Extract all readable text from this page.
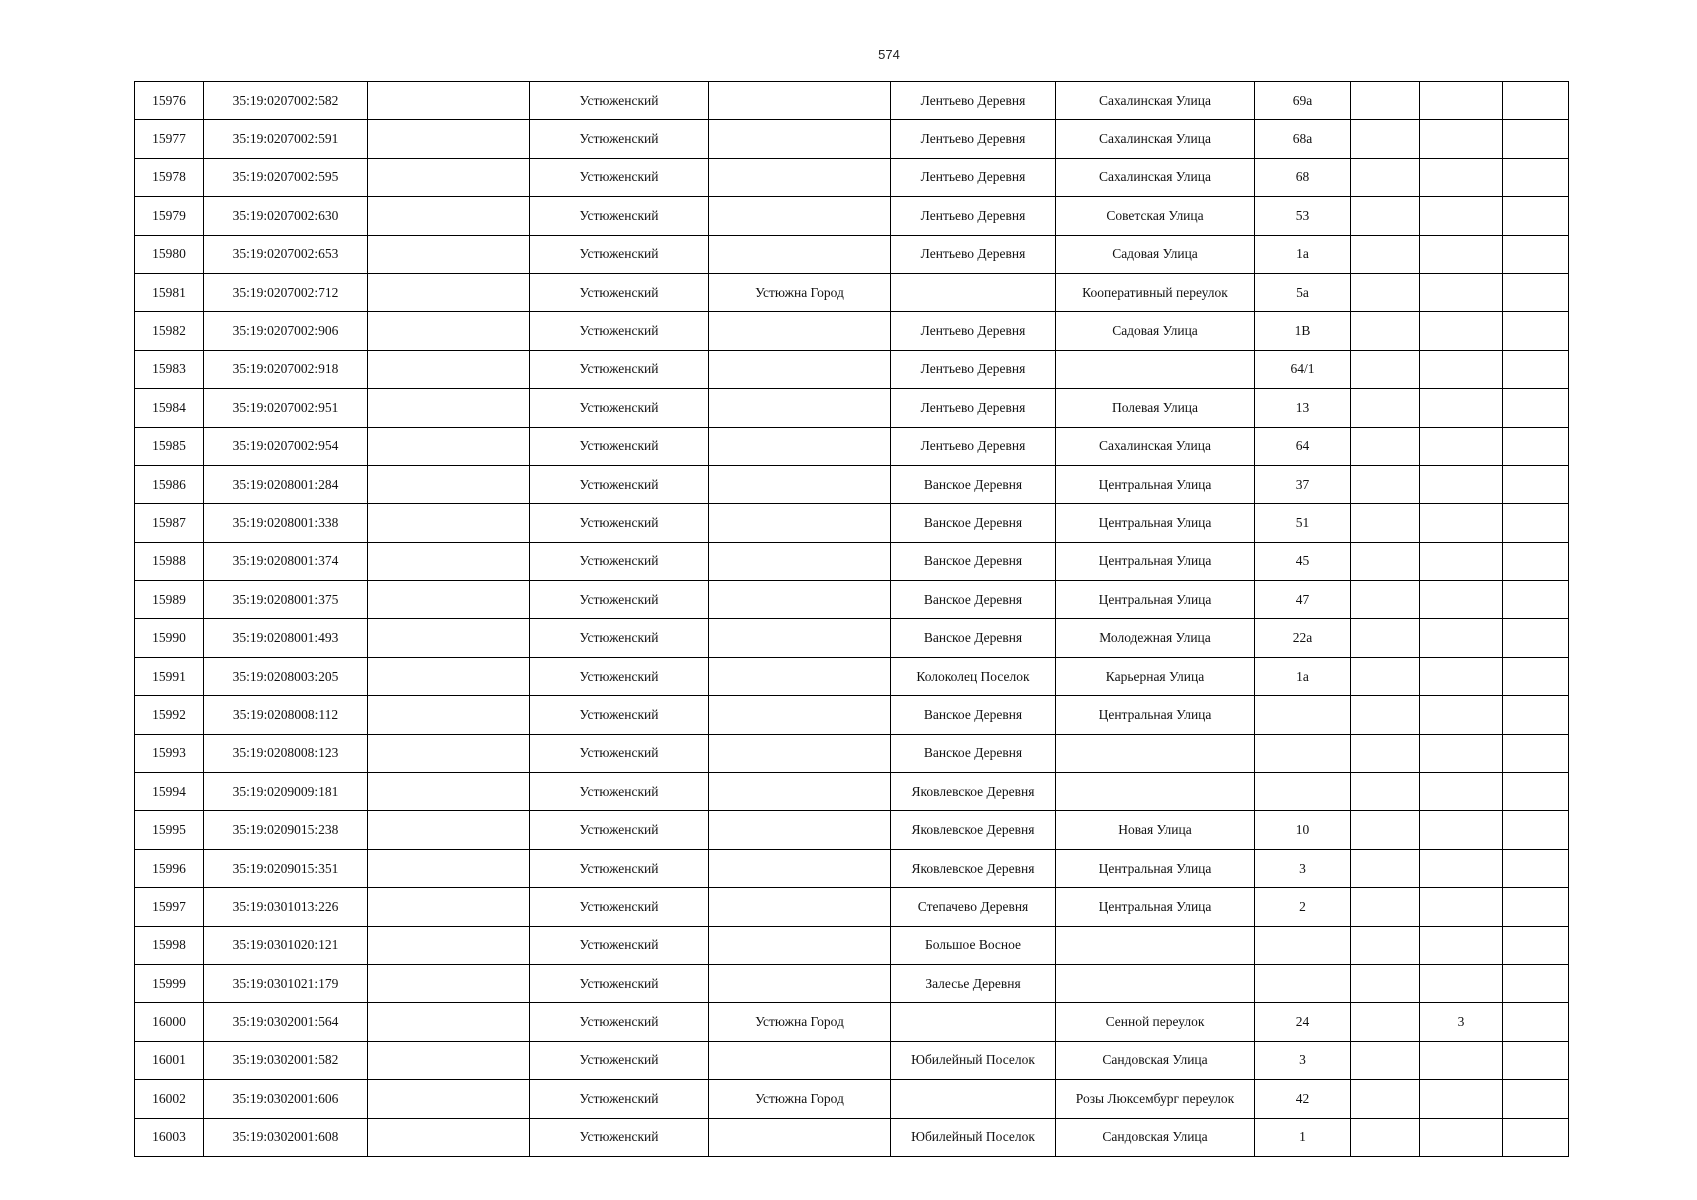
574
15976	35:19:0207002:582		Устюженский		Лентьево Деревня	Сахалинская Улица	69а			
15977	35:19:0207002:591		Устюженский		Лентьево Деревня	Сахалинская Улица	68а			
15978	35:19:0207002:595		Устюженский		Лентьево Деревня	Сахалинская Улица	68			
15979	35:19:0207002:630		Устюженский		Лентьево Деревня	Советская Улица	53			
15980	35:19:0207002:653		Устюженский		Лентьево Деревня	Садовая Улица	1а			
15981	35:19:0207002:712		Устюженский	Устюжна Город		Кооперативный переулок	5а			
15982	35:19:0207002:906		Устюженский		Лентьево Деревня	Садовая Улица	1В			
15983	35:19:0207002:918		Устюженский		Лентьево Деревня		64/1			
15984	35:19:0207002:951		Устюженский		Лентьево Деревня	Полевая Улица	13			
15985	35:19:0207002:954		Устюженский		Лентьево Деревня	Сахалинская Улица	64			
15986	35:19:0208001:284		Устюженский		Ванское Деревня	Центральная Улица	37			
15987	35:19:0208001:338		Устюженский		Ванское Деревня	Центральная Улица	51			
15988	35:19:0208001:374		Устюженский		Ванское Деревня	Центральная Улица	45			
15989	35:19:0208001:375		Устюженский		Ванское Деревня	Центральная Улица	47			
15990	35:19:0208001:493		Устюженский		Ванское Деревня	Молодежная Улица	22а			
15991	35:19:0208003:205		Устюженский		Колоколец Поселок	Карьерная Улица	1а			
15992	35:19:0208008:112		Устюженский		Ванское Деревня	Центральная Улица				
15993	35:19:0208008:123		Устюженский		Ванское Деревня					
15994	35:19:0209009:181		Устюженский		Яковлевское Деревня					
15995	35:19:0209015:238		Устюженский		Яковлевское Деревня	Новая Улица	10			
15996	35:19:0209015:351		Устюженский		Яковлевское Деревня	Центральная Улица	3			
15997	35:19:0301013:226		Устюженский		Степачево Деревня	Центральная Улица	2			
15998	35:19:0301020:121		Устюженский		Большое Восное					
15999	35:19:0301021:179		Устюженский		Залесье Деревня					
16000	35:19:0302001:564		Устюженский	Устюжна Город		Сенной переулок	24		3	
16001	35:19:0302001:582		Устюженский		Юбилейный Поселок	Сандовская Улица	3			
16002	35:19:0302001:606		Устюженский	Устюжна Город		Розы Люксембург переулок	42			
16003	35:19:0302001:608		Устюженский		Юбилейный Поселок	Сандовская Улица	1			
